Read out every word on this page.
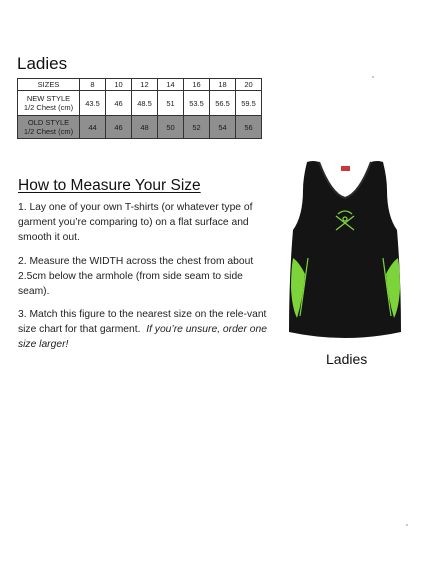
Ladies
SIZES	8	10	12	14	16	18	20

NEW STYLE
1/2 Chest (cm)	43.5	46	48.5	51	53.5	56.5	59.5

OLD STYLE
1/2 Chest (cm)	44	46	48	50	52	54	56
How to Measure Your Size

1. Lay one of your own T-shirts (or whatever type of garment you’re comparing to) on a flat surface and smooth it out.

2. Measure the WIDTH across the chest from about 2.5cm below the armhole (from side seam to side seam).

3. Match this figure to the nearest size on the rele-vant size chart for that garment. If you’re unsure, order one size larger!

Ladies
